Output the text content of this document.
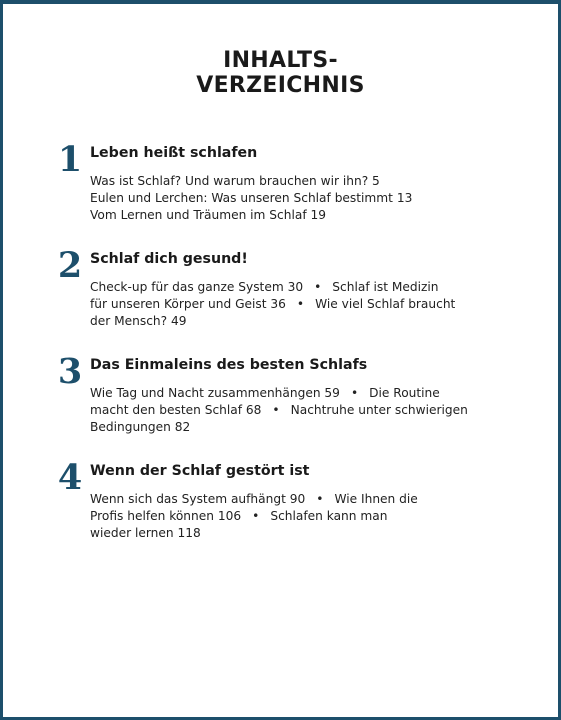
INHALTS-
VERZEICHNIS
1 Leben heißt schlafen
Was ist Schlaf? Und warum brauchen wir ihn? 5
Eulen und Lerchen: Was unseren Schlaf bestimmt 13
Vom Lernen und Träumen im Schlaf 19
2 Schlaf dich gesund!
Check-up für das ganze System 30 • Schlaf ist Medizin
für unseren Körper und Geist 36 • Wie viel Schlaf braucht
der Mensch? 49
3 Das Einmaleins des besten Schlafs
Wie Tag und Nacht zusammenhängen 59 • Die Routine
macht den besten Schlaf 68 • Nachtruhe unter schwierigen
Bedingungen 82
4 Wenn der Schlaf gestört ist
Wenn sich das System aufhängt 90 • Wie Ihnen die
Profis helfen können 106 • Schlafen kann man
wieder lernen 118
